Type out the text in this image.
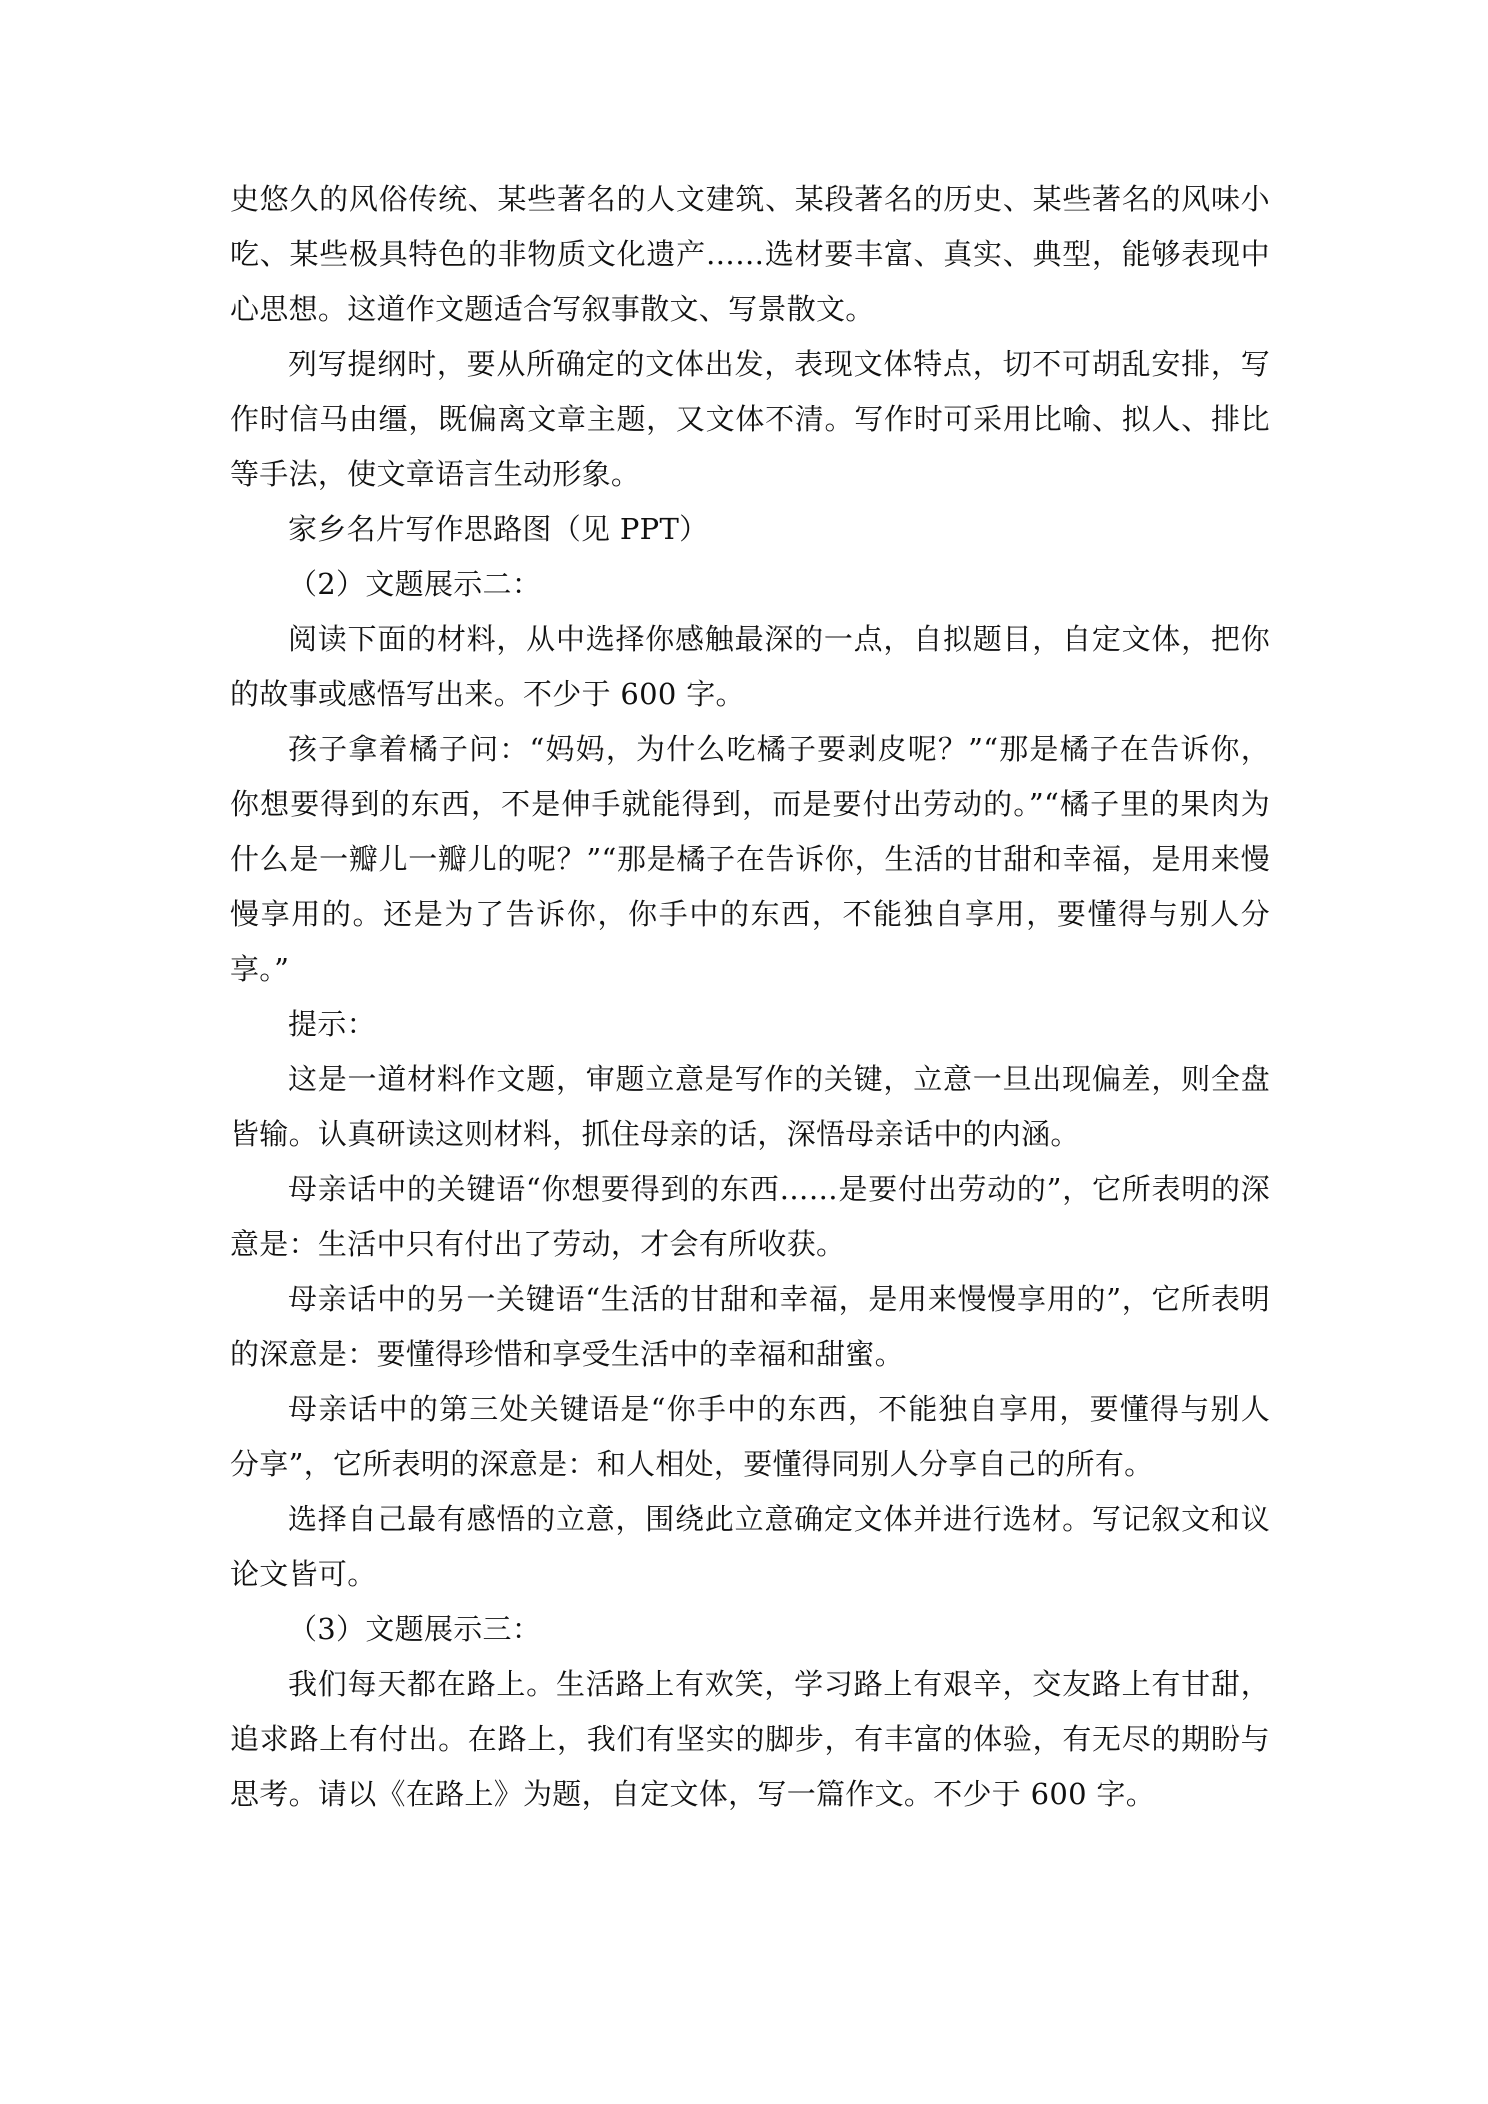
史悠久的风俗传统、某些著名的人文建筑、某段著名的历史、某些著名的风味小吃、某些极具特色的非物质文化遗产……选材要丰富、真实、典型，能够表现中心思想。这道作文题适合写叙事散文、写景散文。

列写提纲时，要从所确定的文体出发，表现文体特点，切不可胡乱安排，写作时信马由缰，既偏离文章主题，又文体不清。写作时可采用比喻、拟人、排比等手法，使文章语言生动形象。

家乡名片写作思路图（见 PPT）

（2）文题展示二：

阅读下面的材料，从中选择你感触最深的一点，自拟题目，自定文体，把你的故事或感悟写出来。不少于 600 字。

孩子拿着橘子问：“妈妈，为什么吃橘子要剥皮呢？”“那是橘子在告诉你，你想要得到的东西，不是伸手就能得到，而是要付出劳动的。”“橘子里的果肉为什么是一瓣儿一瓣儿的呢？”“那是橘子在告诉你，生活的甘甜和幸福，是用来慢慢享用的。还是为了告诉你，你手中的东西，不能独自享用，要懂得与别人分享。”

提示：

这是一道材料作文题，审题立意是写作的关键，立意一旦出现偏差，则全盘皆输。认真研读这则材料，抓住母亲的话，深悟母亲话中的内涵。

母亲话中的关键语“你想要得到的东西……是要付出劳动的”，它所表明的深意是：生活中只有付出了劳动，才会有所收获。

母亲话中的另一关键语“生活的甘甜和幸福，是用来慢慢享用的”，它所表明的深意是：要懂得珍惜和享受生活中的幸福和甜蜜。

母亲话中的第三处关键语是“你手中的东西，不能独自享用，要懂得与别人分享”，它所表明的深意是：和人相处，要懂得同别人分享自己的所有。

选择自己最有感悟的立意，围绕此立意确定文体并进行选材。写记叙文和议论文皆可。

（3）文题展示三：

我们每天都在路上。生活路上有欢笑，学习路上有艰辛，交友路上有甘甜，追求路上有付出。在路上，我们有坚实的脚步，有丰富的体验，有无尽的期盼与思考。请以《在路上》为题，自定文体，写一篇作文。不少于 600 字。
